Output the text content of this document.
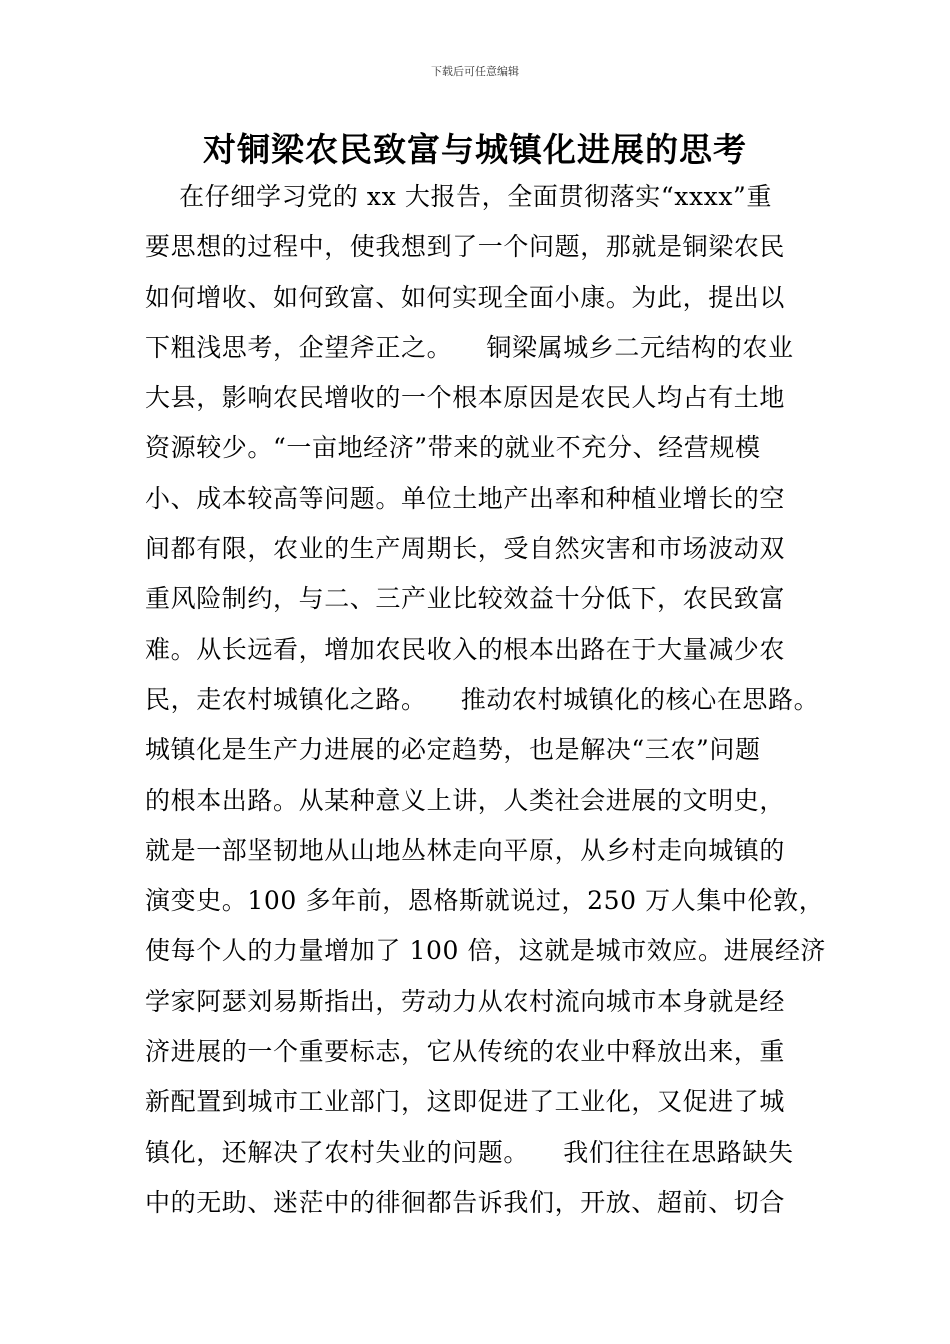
下载后可任意编辑
对铜梁农民致富与城镇化进展的思考
在仔细学习党的 xx 大报告，全面贯彻落实“xxxx”重
要思想的过程中，使我想到了一个问题，那就是铜梁农民
如何增收、如何致富、如何实现全面小康。为此，提出以
下粗浅思考，企望斧正之。    铜梁属城乡二元结构的农业
大县，影响农民增收的一个根本原因是农民人均占有土地
资源较少。“一亩地经济”带来的就业不充分、经营规模
小、成本较高等问题。单位土地产出率和种植业增长的空
间都有限，农业的生产周期长，受自然灾害和市场波动双
重风险制约，与二、三产业比较效益十分低下，农民致富
难。从长远看，增加农民收入的根本出路在于大量减少农
民，走农村城镇化之路。    推动农村城镇化的核心在思路。
城镇化是生产力进展的必定趋势，也是解决“三农”问题
的根本出路。从某种意义上讲，人类社会进展的文明史，
就是一部坚韧地从山地丛林走向平原，从乡村走向城镇的
演变史。100 多年前，恩格斯就说过，250 万人集中伦敦，
使每个人的力量增加了 100 倍，这就是城市效应。进展经济
学家阿瑟刘易斯指出，劳动力从农村流向城市本身就是经
济进展的一个重要标志，它从传统的农业中释放出来，重
新配置到城市工业部门，这即促进了工业化，又促进了城
镇化，还解决了农村失业的问题。    我们往往在思路缺失
中的无助、迷茫中的徘徊都告诉我们，开放、超前、切合
